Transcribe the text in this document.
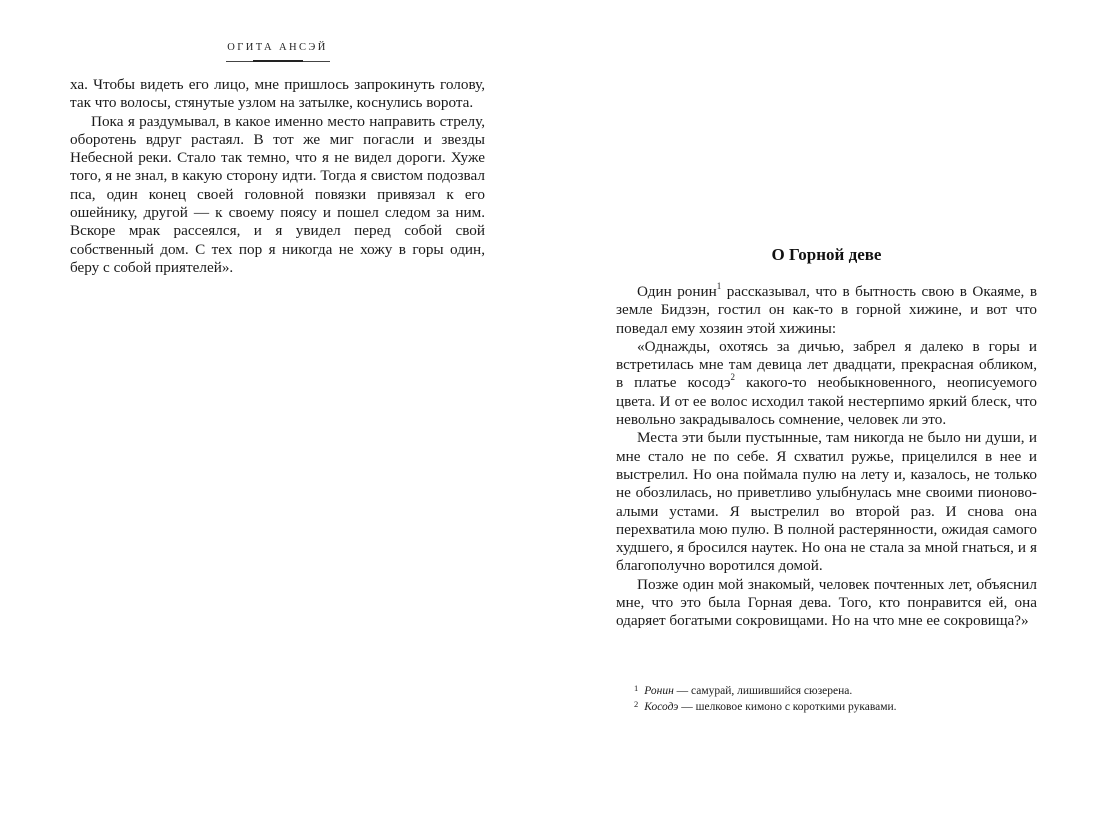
ОГИТА АНСЭЙ

ха. Чтобы видеть его лицо, мне пришлось запрокинуть голову, так что волосы, стянутые узлом на затылке, коснулись ворота.

Пока я раздумывал, в какое именно место направить стрелу, оборотень вдруг растаял. В тот же миг погасли и звезды Небесной реки. Стало так темно, что я не видел дороги. Хуже того, я не знал, в какую сторону идти. Тогда я свистом подозвал пса, один конец своей головной повязки привязал к его ошейнику, другой — к своему поясу и пошел следом за ним. Вскоре мрак рассеялся, и я увидел перед собой свой собственный дом. С тех пор я никогда не хожу в горы один, беру с собой приятелей».

О Горной деве

Один ронин$^1$ рассказывал, что в бытность свою в Окаяме, в земле Бидзэн, гостил он как-то в горной хижине, и вот что поведал ему хозяин этой хижины:

«Однажды, охотясь за дичью, забрел я далеко в горы и встретилась мне там девица лет двадцати, прекрасная обликом, в платье косодэ$^2$ какого-то необыкновенного, неописуемого цвета. И от ее волос исходил такой нестерпимо яркий блеск, что невольно закрадывалось сомнение, человек ли это.

Места эти были пустынные, там никогда не было ни души, и мне стало не по себе. Я схватил ружье, прицелился в нее и выстрелил. Но она поймала пулю на лету и, казалось, не только не обозлилась, но приветливо улыбнулась мне своими пионово-алыми устами. Я выстрелил во второй раз. И снова она перехватила мою пулю. В полной растерянности, ожидая самого худшего, я бросился наутек. Но она не стала за мной гнаться, и я благополучно воротился домой.

Позже один мой знакомый, человек почтенных лет, объяснил мне, что это была Горная дева. Того, кто понравится ей, она одаряет богатыми сокровищами. Но на что мне ее сокровища?»

$^1$ Ронин — самурай, лишившийся сюзерена.

$^2$ Косодэ — шелковое кимоно с короткими рукавами.
